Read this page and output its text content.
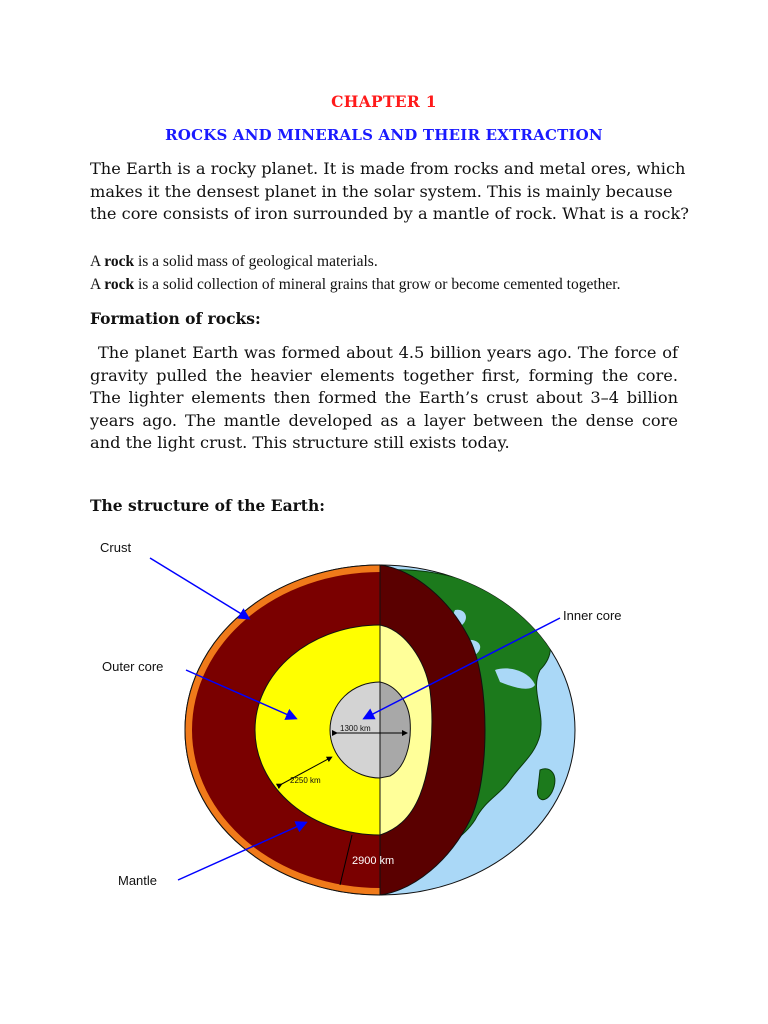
CHAPTER 1
ROCKS AND MINERALS AND THEIR EXTRACTION

The Earth is a rocky planet. It is made from rocks and metal ores, which makes it the densest planet in the solar system. This is mainly because the core consists of iron surrounded by a mantle of rock. What is a rock?

A rock is a solid mass of geological materials.

A rock is a solid collection of mineral grains that grow or become cemented together.

Formation of rocks:

The planet Earth was formed about 4.5 billion years ago. The force of gravity pulled the heavier elements together first, forming the core. The lighter elements then formed the Earth’s crust about 3–4 billion years ago. The mantle developed as a layer between the dense core and the light crust. This structure still exists today.

The structure of the Earth:

Crust
Outer core
Inner core
Mantle
1300 km
2250 km
2900 km
